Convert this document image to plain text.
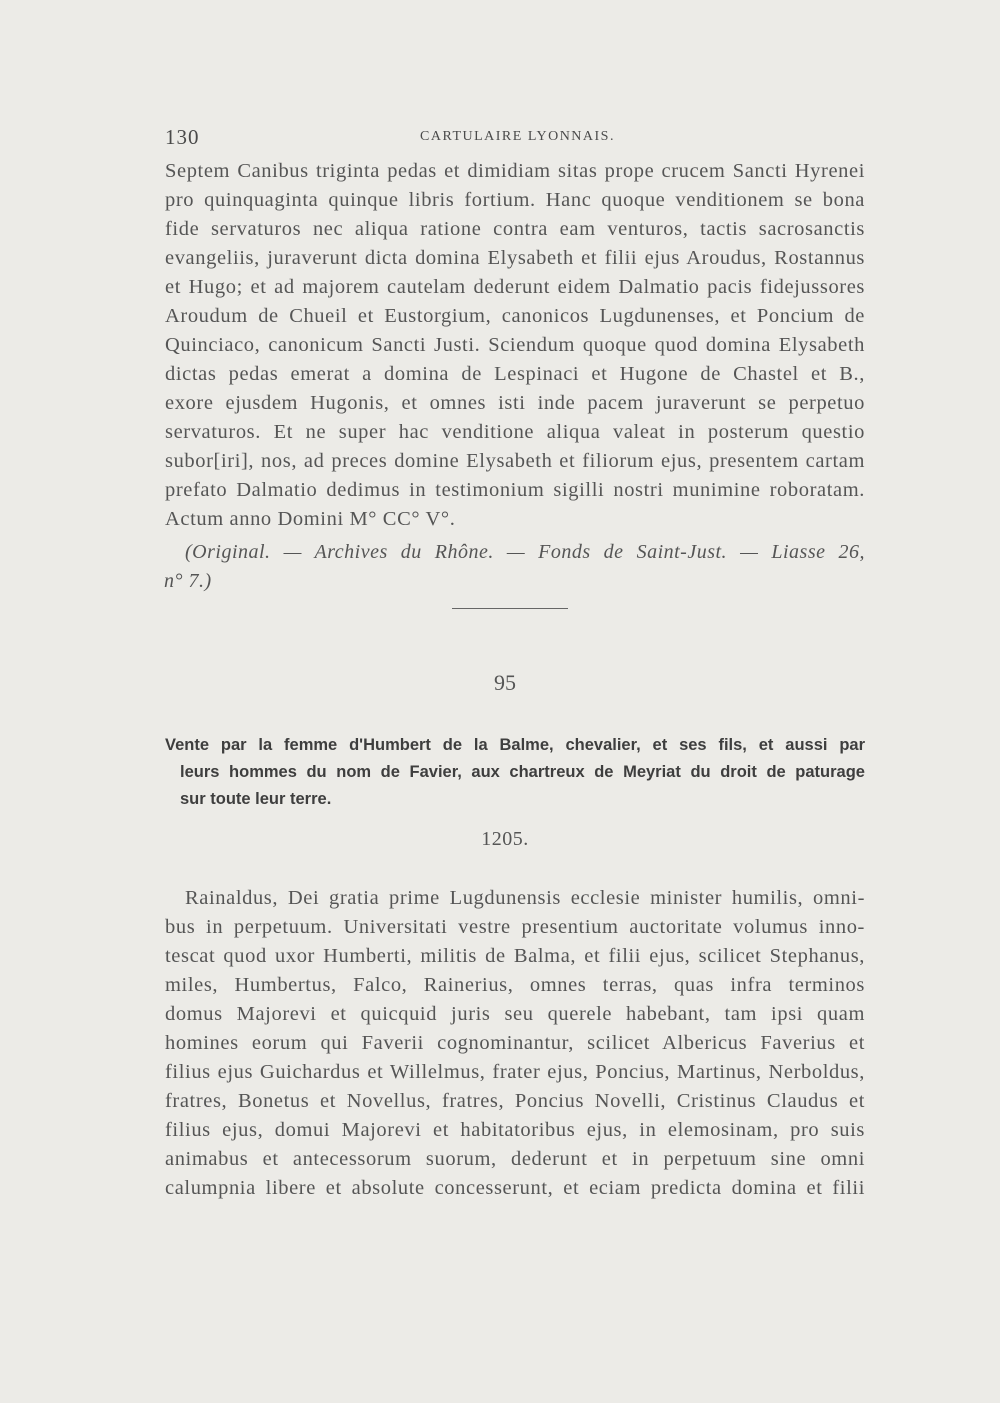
130	CARTULAIRE LYONNAIS.
Septem Canibus triginta pedas et dimidiam sitas prope crucem Sancti Hyrenei
pro quinquaginta quinque libris fortium. Hanc quoque venditionem se bona
fide servaturos nec aliqua ratione contra eam venturos, tactis sacrosanctis
evangeliis, juraverunt dicta domina Elysabeth et filii ejus Aroudus, Rostannus
et Hugo; et ad majorem cautelam dederunt eidem Dalmatio pacis fidejussores
Aroudum de Chueil et Eustorgium, canonicos Lugdunenses, et Poncium de
Quinciaco, canonicum Sancti Justi. Sciendum quoque quod domina Elysabeth
dictas pedas emerat a domina de Lespinaci et Hugone de Chastel et B.,
exore ejusdem Hugonis, et omnes isti inde pacem juraverunt se perpetuo
servaturos. Et ne super hac venditione aliqua valeat in posterum questio
subor[iri], nos, ad preces domine Elysabeth et filiorum ejus, presentem cartam
prefato Dalmatio dedimus in testimonium sigilli nostri munimine roboratam.
Actum anno Domini M° CC° V°.
(Original. — Archives du Rhône. — Fonds de Saint-Just. — Liasse 26,
n° 7.)
95
Vente par la femme d'Humbert de la Balme, chevalier, et ses fils, et aussi par
leurs hommes du nom de Favier, aux chartreux de Meyriat du droit de paturage
sur toute leur terre.
1205.
Rainaldus, Dei gratia prime Lugdunensis ecclesie minister humilis, omni-
bus in perpetuum. Universitati vestre presentium auctoritate volumus inno-
tescat quod uxor Humberti, militis de Balma, et filii ejus, scilicet Stephanus,
miles, Humbertus, Falco, Rainerius, omnes terras, quas infra terminos
domus Majorevi et quicquid juris seu querele habebant, tam ipsi quam
homines eorum qui Faverii cognominantur, scilicet Albericus Faverius et
filius ejus Guichardus et Willelmus, frater ejus, Poncius, Martinus, Nerboldus,
fratres, Bonetus et Novellus, fratres, Poncius Novelli, Cristinus Claudus et
filius ejus, domui Majorevi et habitatoribus ejus, in elemosinam, pro suis
animabus et antecessorum suorum, dederunt et in perpetuum sine omni
calumpnia libere et absolute concesserunt, et eciam predicta domina et filii
